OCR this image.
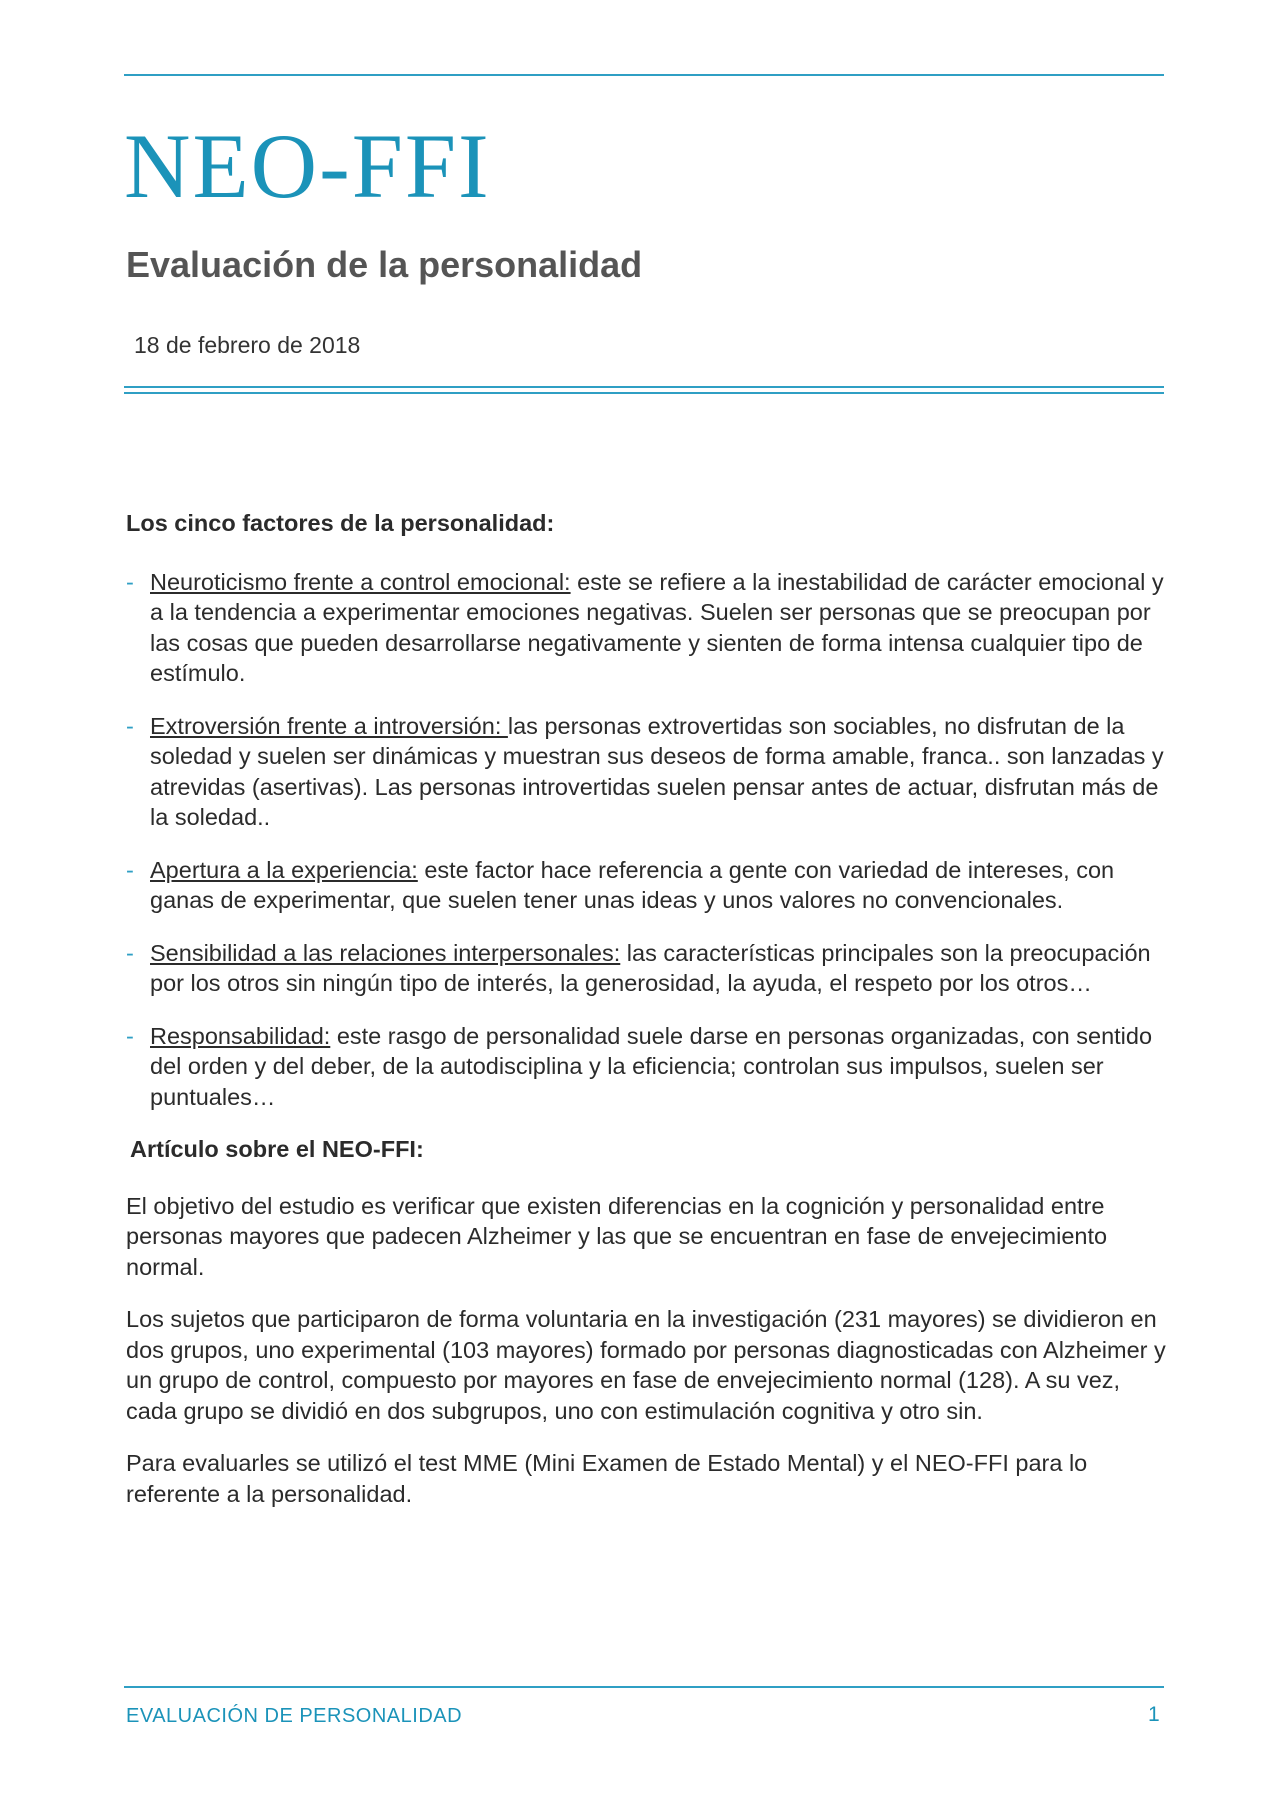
NEO-FFI
Evaluación de la personalidad
18 de febrero de 2018

Los cinco factores de la personalidad:

- Neuroticismo frente a control emocional: este se refiere a la inestabilidad de carácter emocional y a la tendencia a experimentar emociones negativas. Suelen ser personas que se preocupan por las cosas que pueden desarrollarse negativamente y sienten de forma intensa cualquier tipo de estímulo.
- Extroversión frente a introversión: las personas extrovertidas son sociables, no disfrutan de la soledad y suelen ser dinámicas y muestran sus deseos de forma amable, franca.. son lanzadas y atrevidas (asertivas). Las personas introvertidas suelen pensar antes de actuar, disfrutan más de la soledad..
- Apertura a la experiencia: este factor hace referencia a gente con variedad de intereses, con ganas de experimentar, que suelen tener unas ideas y unos valores no convencionales.
- Sensibilidad a las relaciones interpersonales: las características principales son la preocupación por los otros sin ningún tipo de interés, la generosidad, la ayuda, el respeto por los otros…
- Responsabilidad: este rasgo de personalidad suele darse en personas organizadas, con sentido del orden y del deber, de la autodisciplina y la eficiencia; controlan sus impulsos, suelen ser puntuales…

Artículo sobre el NEO-FFI:

El objetivo del estudio es verificar que existen diferencias en la cognición y personalidad entre personas mayores que padecen Alzheimer y las que se encuentran en fase de envejecimiento normal.

Los sujetos que participaron de forma voluntaria en la investigación (231 mayores) se dividieron en dos grupos, uno experimental (103 mayores) formado por personas diagnosticadas con Alzheimer y un grupo de control, compuesto por mayores en fase de envejecimiento normal (128). A su vez, cada grupo se dividió en dos subgrupos, uno con estimulación cognitiva y otro sin.

Para evaluarles se utilizó el test MME (Mini Examen de Estado Mental) y el NEO-FFI para lo referente a la personalidad.

EVALUACIÓN DE PERSONALIDAD	1
